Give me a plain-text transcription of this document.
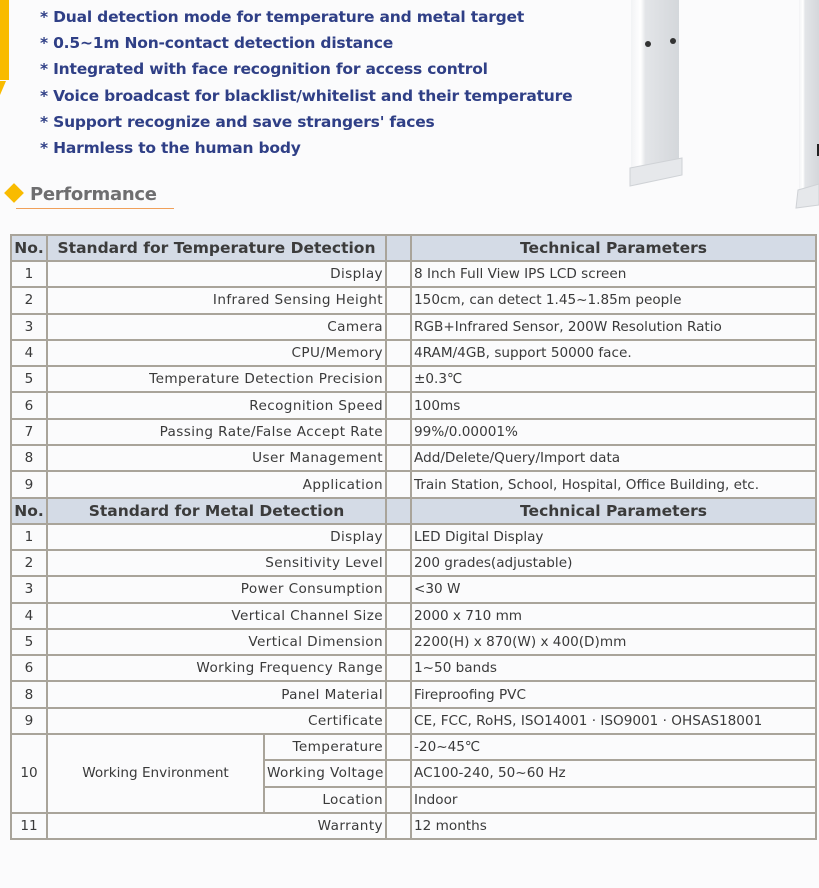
* Dual detection mode for temperature and metal target
* 0.5~1m Non-contact detection distance
* Integrated with face recognition for access control
* Voice broadcast for blacklist/whitelist and their temperature
* Support recognize and save strangers' faces
* Harmless to the human body
Performance
No.	Standard for Temperature Detection			Technical Parameters
1	Display			8 Inch Full View IPS LCD screen
2	Infrared Sensing Height			150cm, can detect 1.45~1.85m people
3	Camera			RGB+Infrared Sensor, 200W Resolution Ratio
4	CPU/Memory			4RAM/4GB, support 50000 face.
5	Temperature Detection Precision			±0.3℃
6	Recognition Speed			100ms
7	Passing Rate/False Accept Rate			99%/0.00001%
8	User Management			Add/Delete/Query/Import data
9	Application			Train Station, School, Hospital, Office Building, etc.
No.	Standard for Metal Detection			Technical Parameters
1	Display			LED Digital Display
2	Sensitivity Level			200 grades(adjustable)
3	Power Consumption			<30 W
4	Vertical Channel Size			2000 x 710 mm
5	Vertical Dimension			2200(H) x 870(W) x 400(D)mm
6	Working Frequency Range			1~50 bands
8	Panel Material			Fireproofing PVC
9	Certificate			CE, FCC, RoHS, ISO14001 · ISO9001 · OHSAS18001
10	Working Environment	Temperature		-20~45℃
		Working Voltage		AC100-240, 50~60 Hz
		Location		Indoor
11	Warranty			12 months
